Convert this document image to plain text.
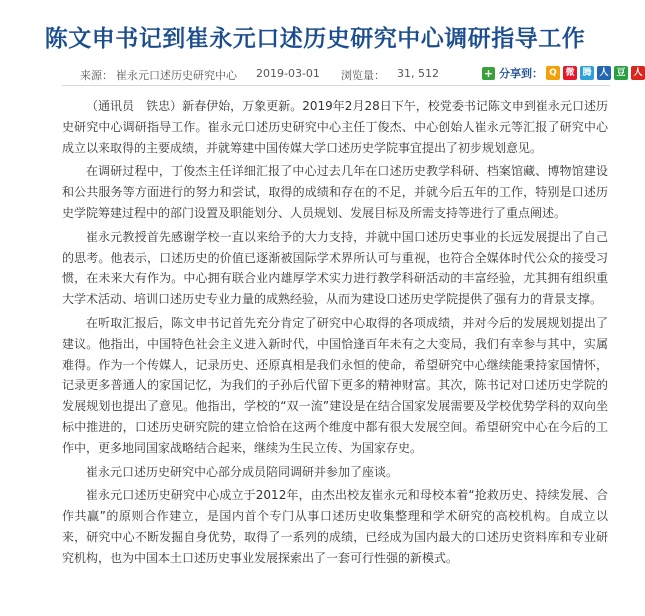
陈文申书记到崔永元口述历史研究中心调研指导工作
来源： 崔永元口述历史研究中心 2019-03-01 浏览量： 31, 512	+ 分享到： Q 微 腾 人 豆 人

（通讯员　铁忠）新春伊始，万象更新。2019年2月28日下午，校党委书记陈文申到崔永元口述历史研究中心调研指导工作。崔永元口述历史研究中心主任丁俊杰、中心创始人崔永元等汇报了研究中心成立以来取得的主要成绩，并就筹建中国传媒大学口述历史学院事宜提出了初步规划意见。

在调研过程中，丁俊杰主任详细汇报了中心过去几年在口述历史教学科研、档案馆藏、博物馆建设和公共服务等方面进行的努力和尝试，取得的成绩和存在的不足，并就今后五年的工作，特别是口述历史学院筹建过程中的部门设置及职能划分、人员规划、发展目标及所需支持等进行了重点阐述。

崔永元教授首先感谢学校一直以来给予的大力支持，并就中国口述历史事业的长远发展提出了自己的思考。他表示，口述历史的价值已逐渐被国际学术界所认可与重视，也符合全媒体时代公众的接受习惯，在未来大有作为。中心拥有联合业内雄厚学术实力进行教学科研活动的丰富经验，尤其拥有组织重大学术活动、培训口述历史专业力量的成熟经验，从而为建设口述历史学院提供了强有力的背景支撑。

在听取汇报后，陈文申书记首先充分肯定了研究中心取得的各项成绩，并对今后的发展规划提出了建议。他指出，中国特色社会主义进入新时代，中国恰逢百年未有之大变局，我们有幸参与其中，实属难得。作为一个传媒人，记录历史、还原真相是我们永恒的使命，希望研究中心继续能秉持家国情怀，记录更多普通人的家国记忆，为我们的子孙后代留下更多的精神财富。其次，陈书记对口述历史学院的发展规划也提出了意见。他指出，学校的“双一流”建设是在结合国家发展需要及学校优势学科的双向坐标中推进的，口述历史研究院的建立恰恰在这两个维度中都有很大发展空间。希望研究中心在今后的工作中，更多地同国家战略结合起来，继续为生民立传、为国家存史。

崔永元口述历史研究中心部分成员陪同调研并参加了座谈。

崔永元口述历史研究中心成立于2012年，由杰出校友崔永元和母校本着“抢救历史、持续发展、合作共赢”的原则合作建立，是国内首个专门从事口述历史收集整理和学术研究的高校机构。自成立以来，研究中心不断发掘自身优势，取得了一系列的成绩，已经成为国内最大的口述历史资料库和专业研究机构，也为中国本土口述历史事业发展探索出了一套可行性强的新模式。
